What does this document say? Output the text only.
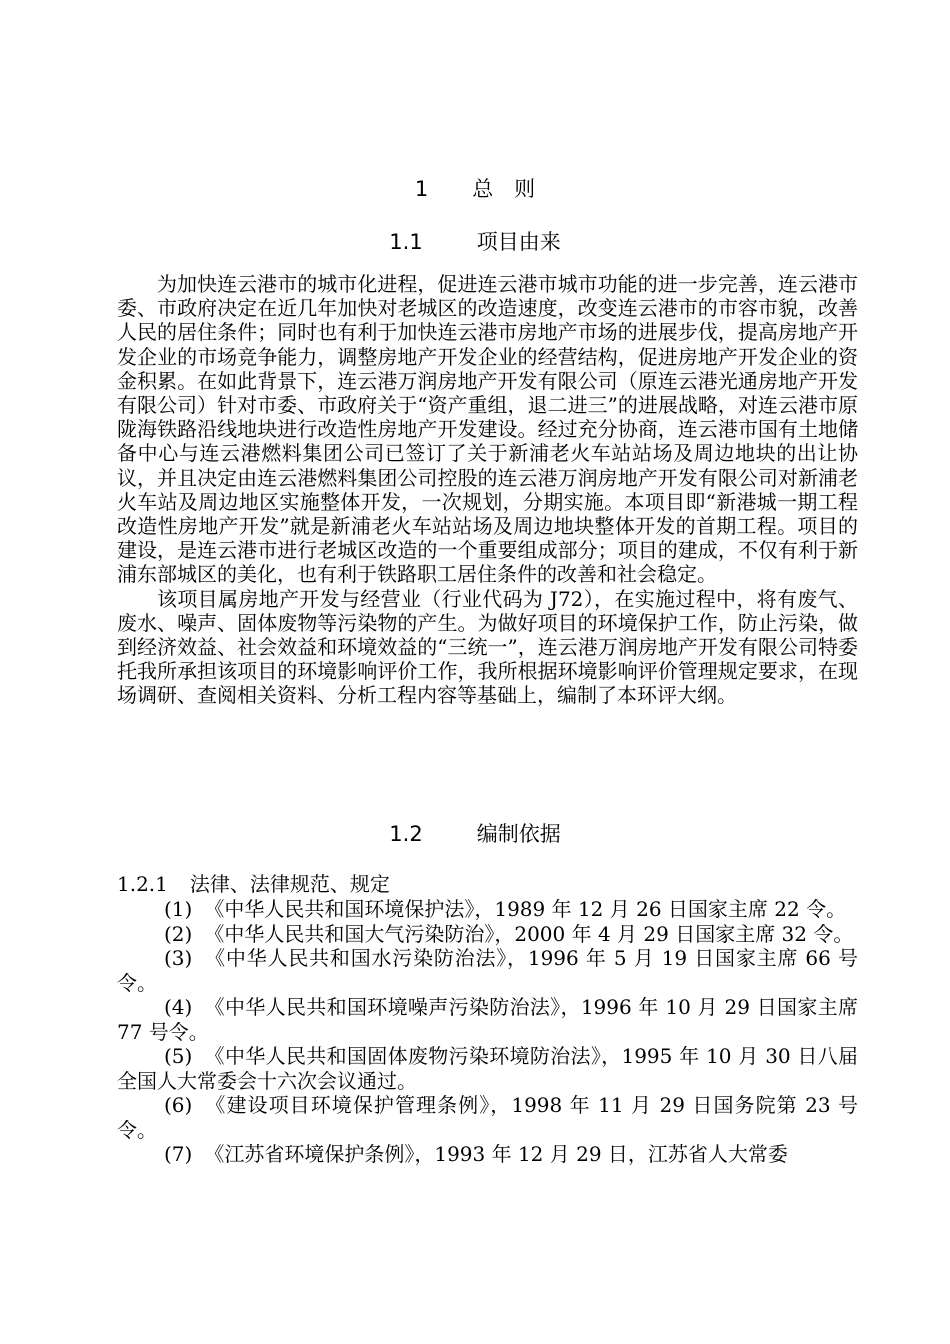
1 总　则
1.1	项目由来

为加快连云港市的城市化进程，促进连云港市城市功能的进一步完善，连云港市委、市政府决定在近几年加快对老城区的改造速度，改变连云港市的市容市貌，改善人民的居住条件；同时也有利于加快连云港市房地产市场的进展步伐，提高房地产开发企业的市场竞争能力，调整房地产开发企业的经营结构，促进房地产开发企业的资金积累。在如此背景下，连云港万润房地产开发有限公司（原连云港光通房地产开发有限公司）针对市委、市政府关于“资产重组，退二进三”的进展战略，对连云港市原陇海铁路沿线地块进行改造性房地产开发建设。经过充分协商，连云港市国有土地储备中心与连云港燃料集团公司已签订了关于新浦老火车站站场及周边地块的出让协议，并且决定由连云港燃料集团公司控股的连云港万润房地产开发有限公司对新浦老火车站及周边地区实施整体开发，一次规划，分期实施。本项目即“新港城一期工程改造性房地产开发”就是新浦老火车站站场及周边地块整体开发的首期工程。项目的建设，是连云港市进行老城区改造的一个重要组成部分；项目的建成，不仅有利于新浦东部城区的美化，也有利于铁路职工居住条件的改善和社会稳定。

该项目属房地产开发与经营业（行业代码为 J72），在实施过程中，将有废气、废水、噪声、固体废物等污染物的产生。为做好项目的环境保护工作，防止污染，做到经济效益、社会效益和环境效益的“三统一”，连云港万润房地产开发有限公司特委托我所承担该项目的环境影响评价工作，我所根据环境影响评价管理规定要求，在现场调研、查阅相关资料、分析工程内容等基础上，编制了本环评大纲。

1.2	编制依据
1.2.1 法律、法律规范、规定

(1) 《中华人民共和国环境保护法》，1989 年 12 月 26 日国家主席 22 令。

(2) 《中华人民共和国大气污染防治》，2000 年 4 月 29 日国家主席 32 令。

(3) 《中华人民共和国水污染防治法》，1996 年 5 月 19 日国家主席 66 号令。

(4) 《中华人民共和国环境噪声污染防治法》，1996 年 10 月 29 日国家主席 77 号令。

(5) 《中华人民共和国固体废物污染环境防治法》，1995 年 10 月 30 日八届全国人大常委会十六次会议通过。

(6) 《建设项目环境保护管理条例》，1998 年 11 月 29 日国务院第 23 号令。

(7) 《江苏省环境保护条例》，1993 年 12 月 29 日，江苏省人大常委
